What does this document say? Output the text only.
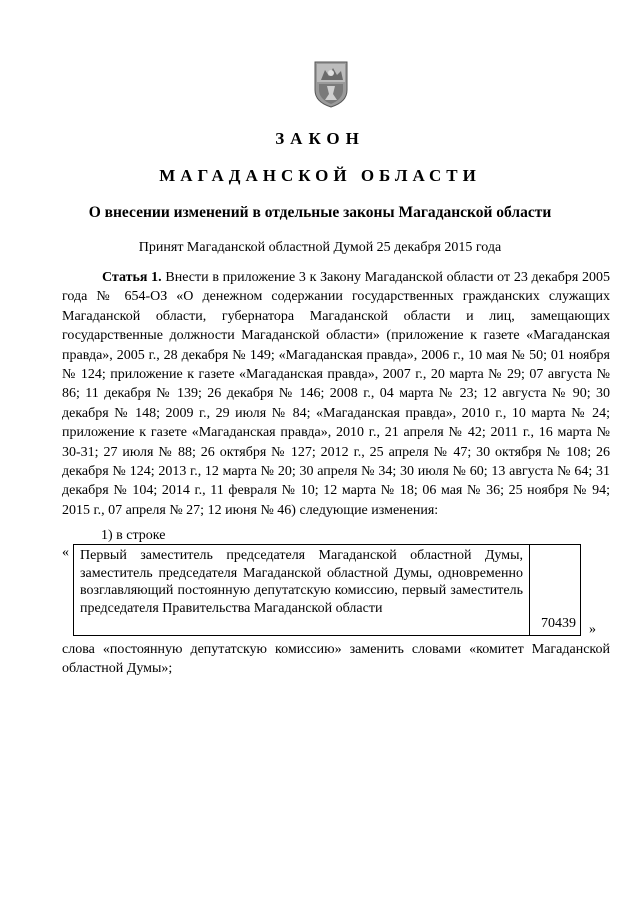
ЗАКОН
МАГАДАНСКОЙ ОБЛАСТИ
О внесении изменений в отдельные законы Магаданской области
Принят Магаданской областной Думой 25 декабря 2015 года
Статья 1. Внести в приложение 3 к Закону Магаданской области от 23 декабря 2005 года № 654-ОЗ «О денежном содержании государственных гражданских служащих Магаданской области, губернатора Магаданской области и лиц, замещающих государственные должности Магаданской области» (приложение к газете «Магаданская правда», 2005 г., 28 декабря № 149; «Магаданская правда», 2006 г., 10 мая № 50; 01 ноября № 124; приложение к газете «Магаданская правда», 2007 г., 20 марта № 29; 07 августа № 86; 11 декабря № 139; 26 декабря № 146; 2008 г., 04 марта № 23; 12 августа № 90; 30 декабря № 148; 2009 г., 29 июля № 84; «Магаданская правда», 2010 г., 10 марта № 24; приложение к газете «Магаданская правда», 2010 г., 21 апреля № 42; 2011 г., 16 марта № 30-31; 27 июля № 88; 26 октября № 127; 2012 г., 25 апреля № 47; 30 октября № 108; 26 декабря № 124; 2013 г., 12 марта № 20; 30 апреля № 34; 30 июля № 60; 13 августа № 64; 31 декабря № 104; 2014 г., 11 февраля № 10; 12 марта № 18; 06 мая № 36; 25 ноября № 94; 2015 г., 07 апреля № 27; 12 июня № 46) следующие изменения:
1) в строке
« Первый заместитель председателя Магаданской областной Думы, заместитель председателя Магаданской областной Думы, одновременно возглавляющий постоянную депутатскую комиссию, первый заместитель председателя Правительства Магаданской области
70439 »
слова «постоянную депутатскую комиссию» заменить словами «комитет Магаданской областной Думы»;
